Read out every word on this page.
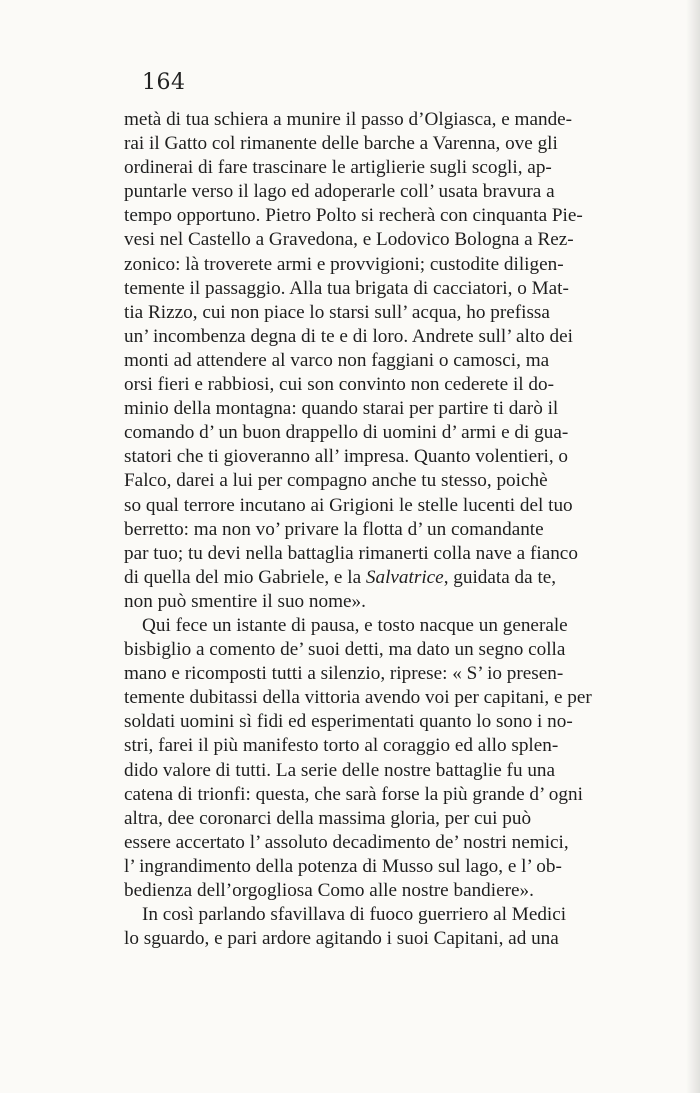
164
metà di tua schiera a munire il passo d’Olgiasca, e mande-
rai il Gatto col rimanente delle barche a Varenna, ove gli
ordinerai di fare trascinare le artiglierie sugli scogli, ap-
puntarle verso il lago ed adoperarle coll’ usata bravura a
tempo opportuno. Pietro Polto si recherà con cinquanta Pie-
vesi nel Castello a Gravedona, e Lodovico Bologna a Rez-
zonico: là troverete armi e provvigioni; custodite diligen-
temente il passaggio. Alla tua brigata di cacciatori, o Mat-
tia Rizzo, cui non piace lo starsi sull’ acqua, ho prefissa
un’ incombenza degna di te e di loro. Andrete sull’ alto dei
monti ad attendere al varco non faggiani o camosci, ma
orsi fieri e rabbiosi, cui son convinto non cederete il do-
minio della montagna: quando starai per partire ti darò il
comando d’ un buon drappello di uomini d’ armi e di gua-
statori che ti gioveranno all’ impresa. Quanto volentieri, o
Falco, darei a lui per compagno anche tu stesso, poichè
so qual terrore incutano ai Grigioni le stelle lucenti del tuo
berretto: ma non vo’ privare la flotta d’ un comandante
par tuo; tu devi nella battaglia rimanerti colla nave a fianco
di quella del mio Gabriele, e la Salvatrice, guidata da te,
non può smentire il suo nome».
Qui fece un istante di pausa, e tosto nacque un generale
bisbiglio a comento de’ suoi detti, ma dato un segno colla
mano e ricomposti tutti a silenzio, riprese: « S’ io presen-
temente dubitassi della vittoria avendo voi per capitani, e per
soldati uomini sì fidi ed esperimentati quanto lo sono i no-
stri, farei il più manifesto torto al coraggio ed allo splen-
dido valore di tutti. La serie delle nostre battaglie fu una
catena di trionfi: questa, che sarà forse la più grande d’ ogni
altra, dee coronarci della massima gloria, per cui può
essere accertato l’ assoluto decadimento de’ nostri nemici,
l’ ingrandimento della potenza di Musso sul lago, e l’ ob-
bedienza dell’orgogliosa Como alle nostre bandiere».
In così parlando sfavillava di fuoco guerriero al Medici
lo sguardo, e pari ardore agitando i suoi Capitani, ad una
